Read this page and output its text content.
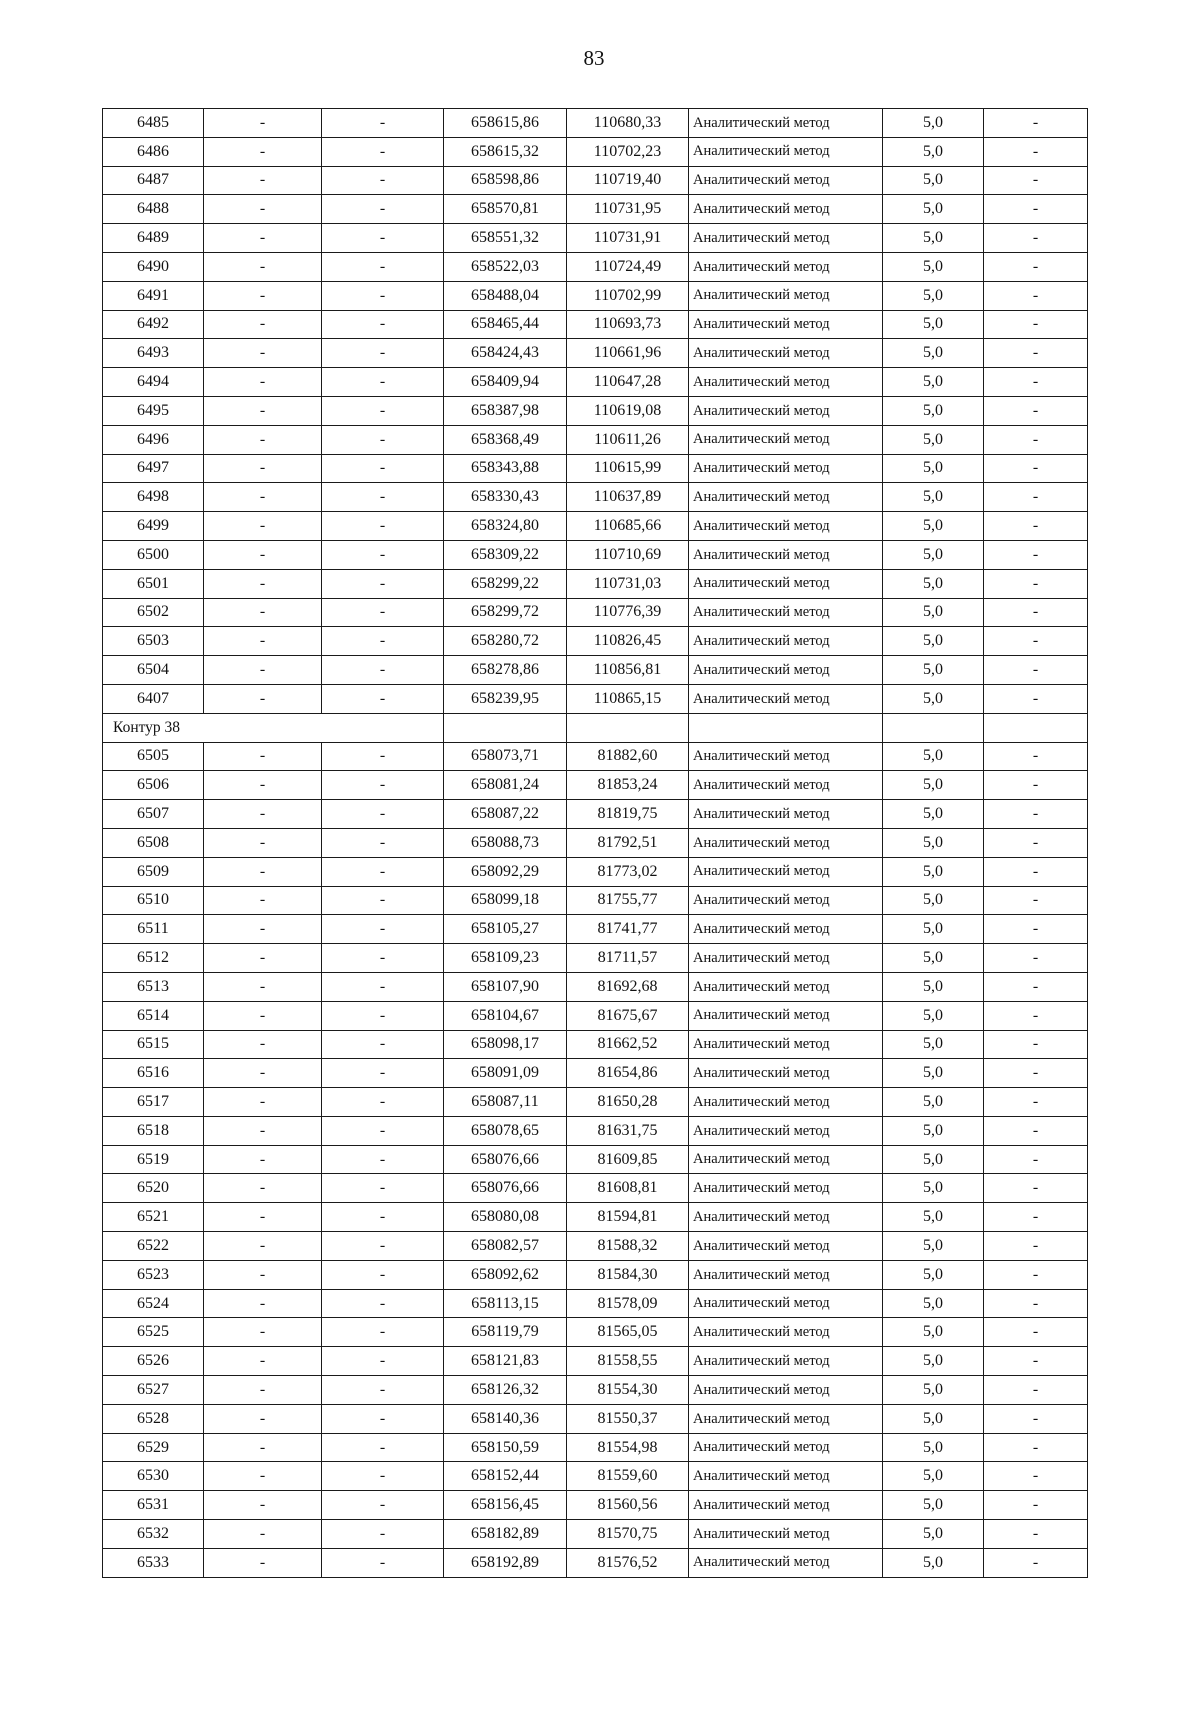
83
6485	-	-	658615,86	110680,33	Аналитический метод	5,0	-
6486	-	-	658615,32	110702,23	Аналитический метод	5,0	-
6487	-	-	658598,86	110719,40	Аналитический метод	5,0	-
6488	-	-	658570,81	110731,95	Аналитический метод	5,0	-
6489	-	-	658551,32	110731,91	Аналитический метод	5,0	-
6490	-	-	658522,03	110724,49	Аналитический метод	5,0	-
6491	-	-	658488,04	110702,99	Аналитический метод	5,0	-
6492	-	-	658465,44	110693,73	Аналитический метод	5,0	-
6493	-	-	658424,43	110661,96	Аналитический метод	5,0	-
6494	-	-	658409,94	110647,28	Аналитический метод	5,0	-
6495	-	-	658387,98	110619,08	Аналитический метод	5,0	-
6496	-	-	658368,49	110611,26	Аналитический метод	5,0	-
6497	-	-	658343,88	110615,99	Аналитический метод	5,0	-
6498	-	-	658330,43	110637,89	Аналитический метод	5,0	-
6499	-	-	658324,80	110685,66	Аналитический метод	5,0	-
6500	-	-	658309,22	110710,69	Аналитический метод	5,0	-
6501	-	-	658299,22	110731,03	Аналитический метод	5,0	-
6502	-	-	658299,72	110776,39	Аналитический метод	5,0	-
6503	-	-	658280,72	110826,45	Аналитический метод	5,0	-
6504	-	-	658278,86	110856,81	Аналитический метод	5,0	-
6407	-	-	658239,95	110865,15	Аналитический метод	5,0	-
Контур 38							
6505	-	-	658073,71	81882,60	Аналитический метод	5,0	-
6506	-	-	658081,24	81853,24	Аналитический метод	5,0	-
6507	-	-	658087,22	81819,75	Аналитический метод	5,0	-
6508	-	-	658088,73	81792,51	Аналитический метод	5,0	-
6509	-	-	658092,29	81773,02	Аналитический метод	5,0	-
6510	-	-	658099,18	81755,77	Аналитический метод	5,0	-
6511	-	-	658105,27	81741,77	Аналитический метод	5,0	-
6512	-	-	658109,23	81711,57	Аналитический метод	5,0	-
6513	-	-	658107,90	81692,68	Аналитический метод	5,0	-
6514	-	-	658104,67	81675,67	Аналитический метод	5,0	-
6515	-	-	658098,17	81662,52	Аналитический метод	5,0	-
6516	-	-	658091,09	81654,86	Аналитический метод	5,0	-
6517	-	-	658087,11	81650,28	Аналитический метод	5,0	-
6518	-	-	658078,65	81631,75	Аналитический метод	5,0	-
6519	-	-	658076,66	81609,85	Аналитический метод	5,0	-
6520	-	-	658076,66	81608,81	Аналитический метод	5,0	-
6521	-	-	658080,08	81594,81	Аналитический метод	5,0	-
6522	-	-	658082,57	81588,32	Аналитический метод	5,0	-
6523	-	-	658092,62	81584,30	Аналитический метод	5,0	-
6524	-	-	658113,15	81578,09	Аналитический метод	5,0	-
6525	-	-	658119,79	81565,05	Аналитический метод	5,0	-
6526	-	-	658121,83	81558,55	Аналитический метод	5,0	-
6527	-	-	658126,32	81554,30	Аналитический метод	5,0	-
6528	-	-	658140,36	81550,37	Аналитический метод	5,0	-
6529	-	-	658150,59	81554,98	Аналитический метод	5,0	-
6530	-	-	658152,44	81559,60	Аналитический метод	5,0	-
6531	-	-	658156,45	81560,56	Аналитический метод	5,0	-
6532	-	-	658182,89	81570,75	Аналитический метод	5,0	-
6533	-	-	658192,89	81576,52	Аналитический метод	5,0	-
